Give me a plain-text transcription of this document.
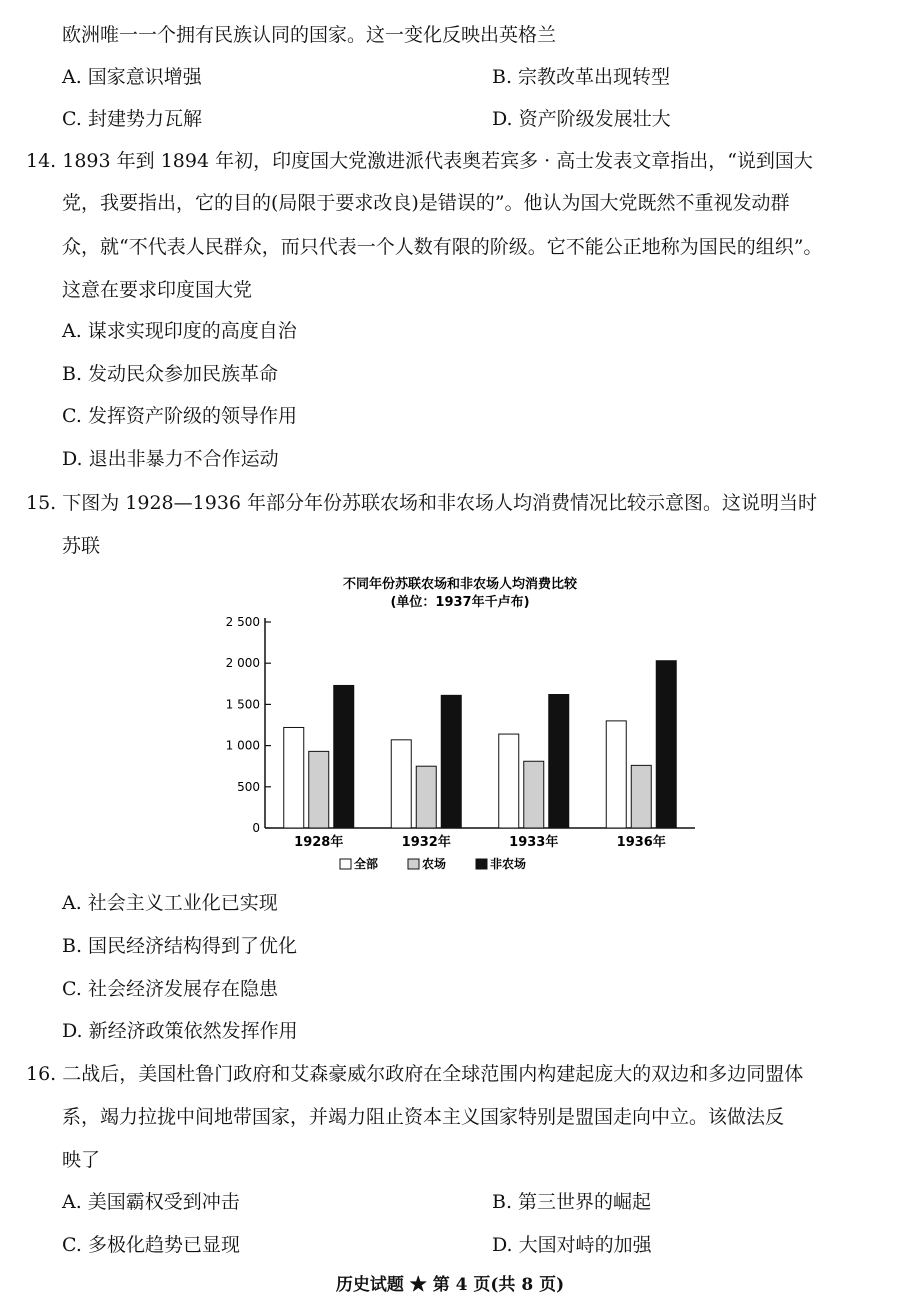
欧洲唯一一个拥有民族认同的国家。这一变化反映出英格兰
A. 国家意识增强	B. 宗教改革出现转型
C. 封建势力瓦解	D. 资产阶级发展壮大
14. 1893 年到 1894 年初，印度国大党激进派代表奥若宾多 · 高士发表文章指出，“说到国大
党，我要指出，它的目的(局限于要求改良)是错误的”。他认为国大党既然不重视发动群
众，就“不代表人民群众，而只代表一个人数有限的阶级。它不能公正地称为国民的组织”。
这意在要求印度国大党
A. 谋求实现印度的高度自治
B. 发动民众参加民族革命
C. 发挥资产阶级的领导作用
D. 退出非暴力不合作运动
15. 下图为 1928—1936 年部分年份苏联农场和非农场人均消费情况比较示意图。这说明当时
苏联
不同年份苏联农场和非农场人均消费比较
(单位：1937年千卢布)
0
500
1 000
1 500
2 000
2 500
1928年	1932年	1933年	1936年
全部	农场	非农场
A. 社会主义工业化已实现
B. 国民经济结构得到了优化
C. 社会经济发展存在隐患
D. 新经济政策依然发挥作用
16. 二战后，美国杜鲁门政府和艾森豪威尔政府在全球范围内构建起庞大的双边和多边同盟体
系，竭力拉拢中间地带国家，并竭力阻止资本主义国家特别是盟国走向中立。该做法反
映了
A. 美国霸权受到冲击	B. 第三世界的崛起
C. 多极化趋势已显现	D. 大国对峙的加强
历史试题 ★ 第 4 页(共 8 页)
